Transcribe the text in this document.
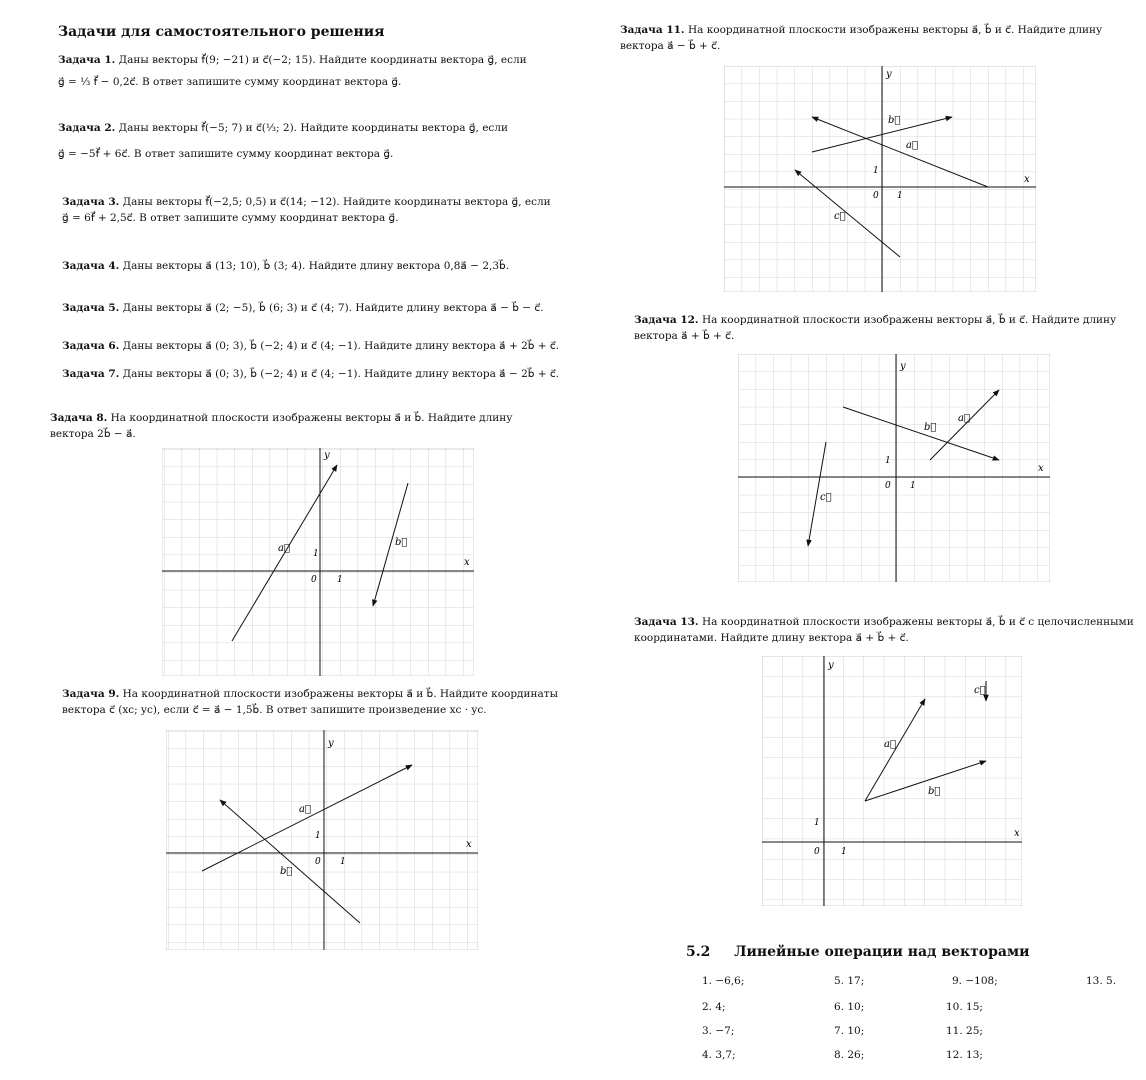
Задачи для самостоятельного решения
Задача 1. Даны векторы f⃗(9; −21) и c⃗(−2; 15). Найдите координаты вектора g⃗, если
g⃗ = ⅓ f⃗ − 0,2c⃗. В ответ запишите сумму координат вектора g⃗.
Задача 2. Даны векторы f⃗(−5; 7) и c⃗(⅓; 2). Найдите координаты вектора g⃗, если
g⃗ = −5f⃗ + 6c⃗. В ответ запишите сумму координат вектора g⃗.
Задача 3. Даны векторы f⃗(−2,5; 0,5) и c⃗(14; −12). Найдите координаты вектора g⃗, если
g⃗ = 6f⃗ + 2,5c⃗. В ответ запишите сумму координат вектора g⃗.
Задача 4. Даны векторы a⃗ (13; 10), b⃗ (3; 4). Найдите длину вектора 0,8a⃗ − 2,3b⃗.
Задача 5. Даны векторы a⃗ (2; −5), b⃗ (6; 3) и c⃗ (4; 7). Найдите длину вектора a⃗ − b⃗ − c⃗.
Задача 6. Даны векторы a⃗ (0; 3), b⃗ (−2; 4) и c⃗ (4; −1). Найдите длину вектора a⃗ + 2b⃗ + c⃗.
Задача 7. Даны векторы a⃗ (0; 3), b⃗ (−2; 4) и c⃗ (4; −1). Найдите длину вектора a⃗ − 2b⃗ + c⃗.
Задача 8. На координатной плоскости изображены векторы a⃗ и b⃗. Найдите длину
вектора 2b⃗ − a⃗.
x
y
0 1
1
a⃗
b⃗
Задача 9. На координатной плоскости изображены векторы a⃗ и b⃗. Найдите координаты
вектора c⃗ (xc; yc), если c⃗ = a⃗ − 1,5b⃗. В ответ запишите произведение xc · yc.
x
y
0 1
1
a⃗
b⃗
Задача 11. На координатной плоскости изображены векторы a⃗, b⃗ и c⃗. Найдите длину
вектора a⃗ − b⃗ + c⃗.
x
y
0 1
1
b⃗
a⃗
c⃗
Задача 12. На координатной плоскости изображены векторы a⃗, b⃗ и c⃗. Найдите длину
вектора a⃗ + b⃗ + c⃗.
x
y
0 1
1
b⃗
a⃗
c⃗
Задача 13. На координатной плоскости изображены векторы a⃗, b⃗ и c⃗ с целочисленными
координатами. Найдите длину вектора a⃗ + b⃗ + c⃗.
x
y
0 1
1
a⃗
b⃗
c⃗
5.2 Линейные операции над векторами
1. −6,6;
2. 4;
3. −7;
4. 3,7;
5. 17;
6. 10;
7. 10;
8. 26;
9. −108;
10. 15;
11. 25;
12. 13;
13. 5.
